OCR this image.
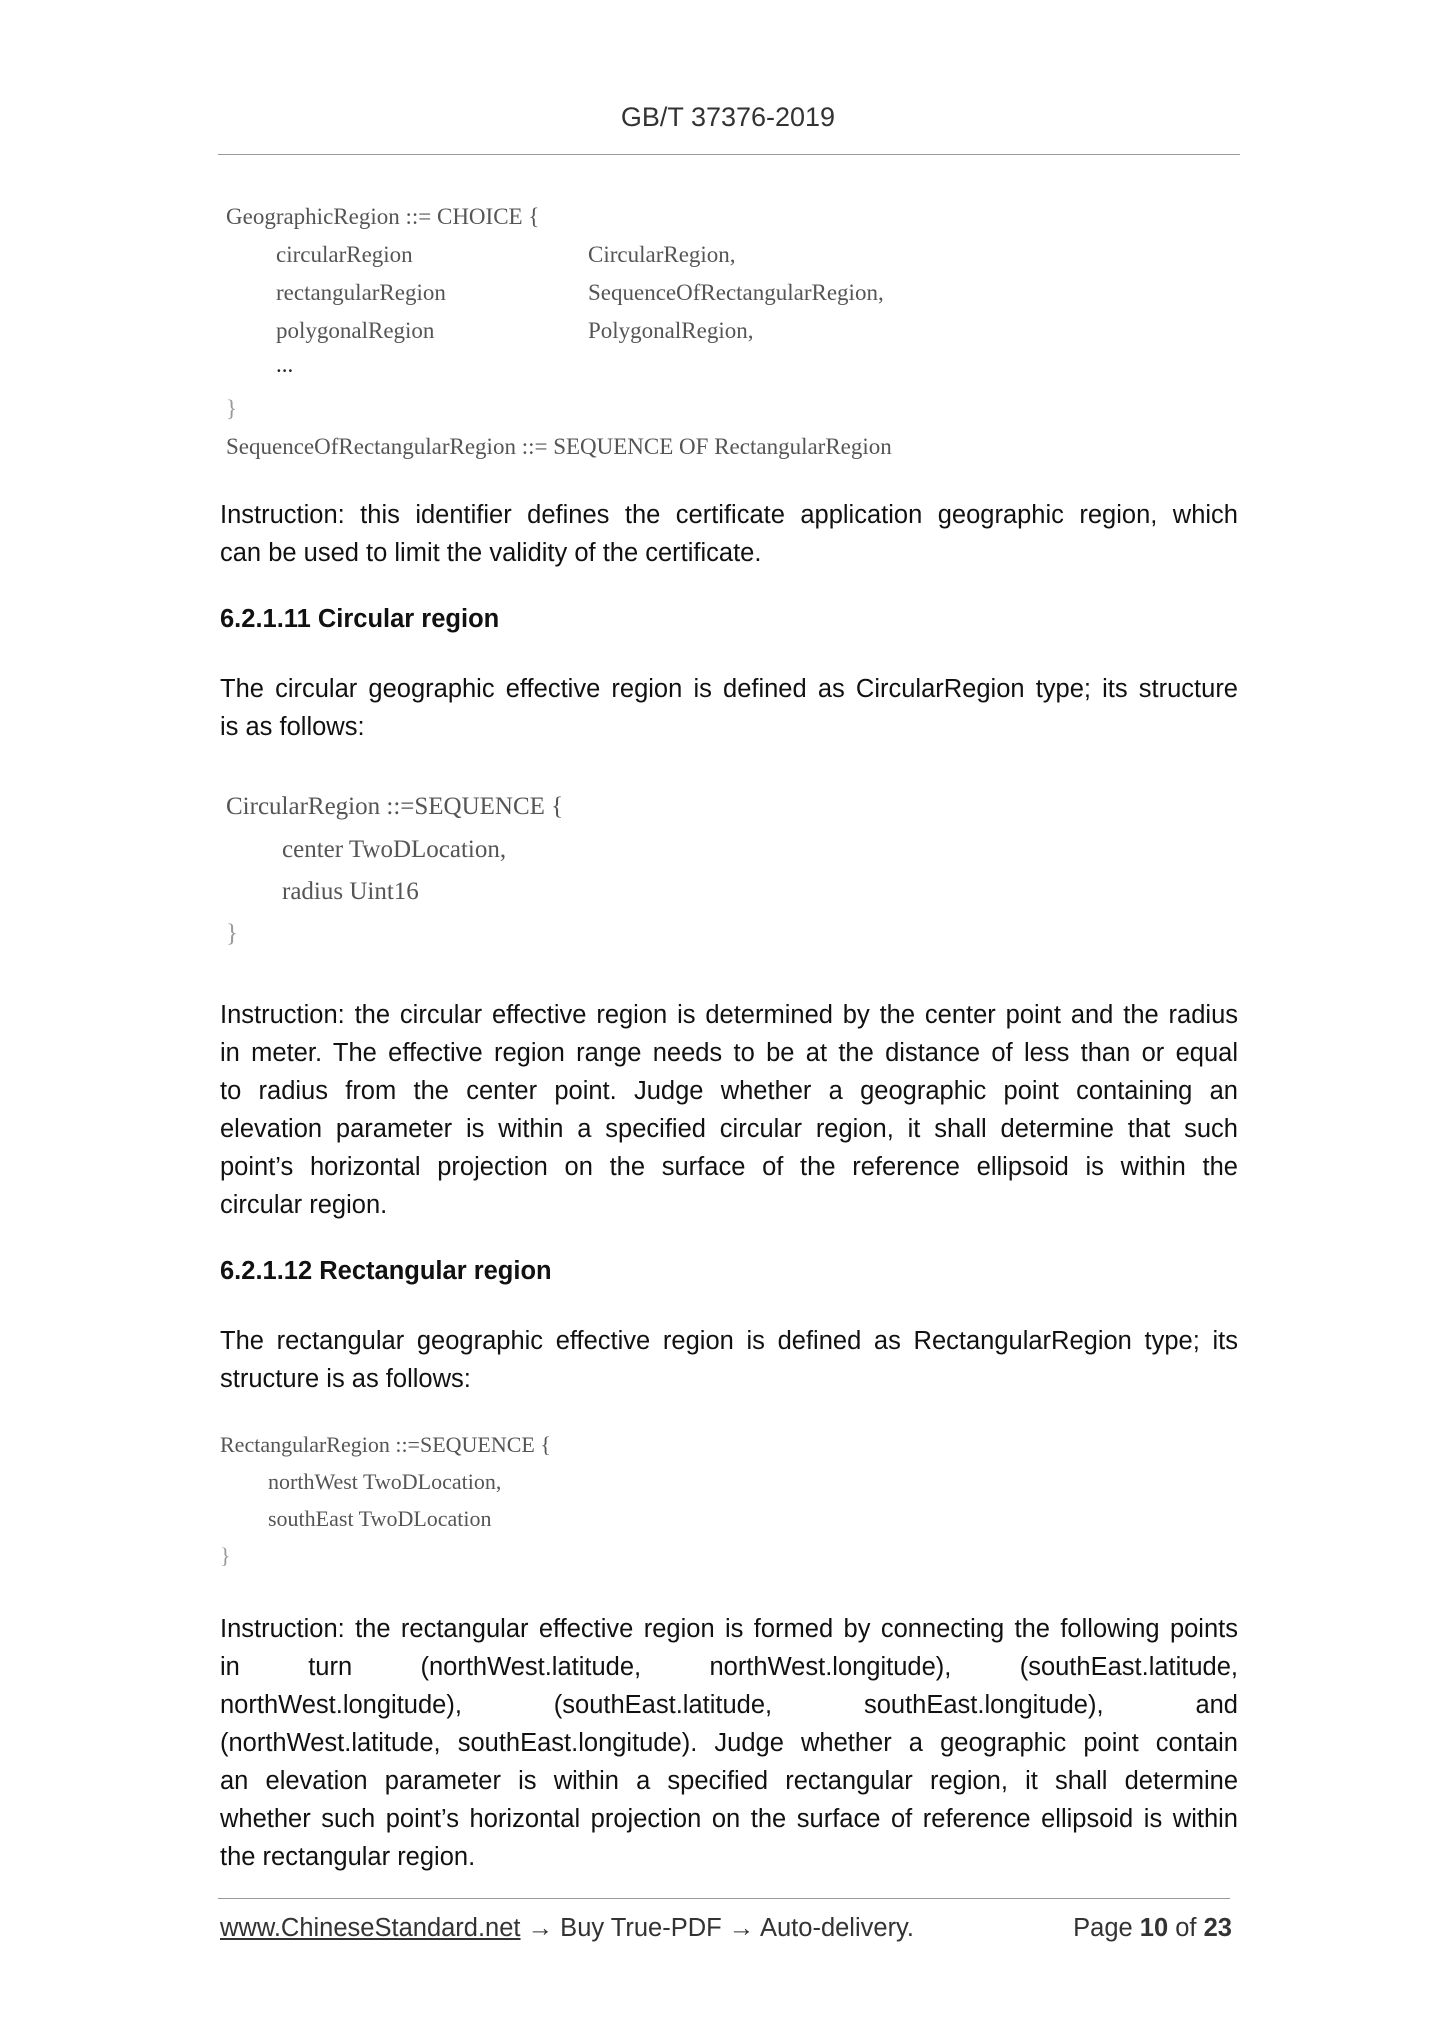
GB/T 37376-2019
GeographicRegion ::= CHOICE {
circularRegion	CircularRegion,
rectangularRegion	SequenceOfRectangularRegion,
polygonalRegion	PolygonalRegion,
...
}
SequenceOfRectangularRegion ::= SEQUENCE OF RectangularRegion
Instruction: this identifier defines the certificate application geographic region, which
can be used to limit the validity of the certificate.
6.2.1.11 Circular region
The circular geographic effective region is defined as CircularRegion type; its structure
is as follows:
CircularRegion ::=SEQUENCE {
center TwoDLocation,
radius Uint16
}
Instruction: the circular effective region is determined by the center point and the radius
in meter. The effective region range needs to be at the distance of less than or equal
to radius from the center point. Judge whether a geographic point containing an
elevation parameter is within a specified circular region, it shall determine that such
point’s horizontal projection on the surface of the reference ellipsoid is within the
circular region.
6.2.1.12 Rectangular region
The rectangular geographic effective region is defined as RectangularRegion type; its
structure is as follows:
RectangularRegion ::=SEQUENCE {
northWest TwoDLocation,
southEast TwoDLocation
}
Instruction: the rectangular effective region is formed by connecting the following points
in turn (northWest.latitude, northWest.longitude), (southEast.latitude,
northWest.longitude), (southEast.latitude, southEast.longitude), and
(northWest.latitude, southEast.longitude). Judge whether a geographic point contain
an elevation parameter is within a specified rectangular region, it shall determine
whether such point’s horizontal projection on the surface of reference ellipsoid is within
the rectangular region.
www.ChineseStandard.net → Buy True-PDF → Auto-delivery.	Page 10 of 23
